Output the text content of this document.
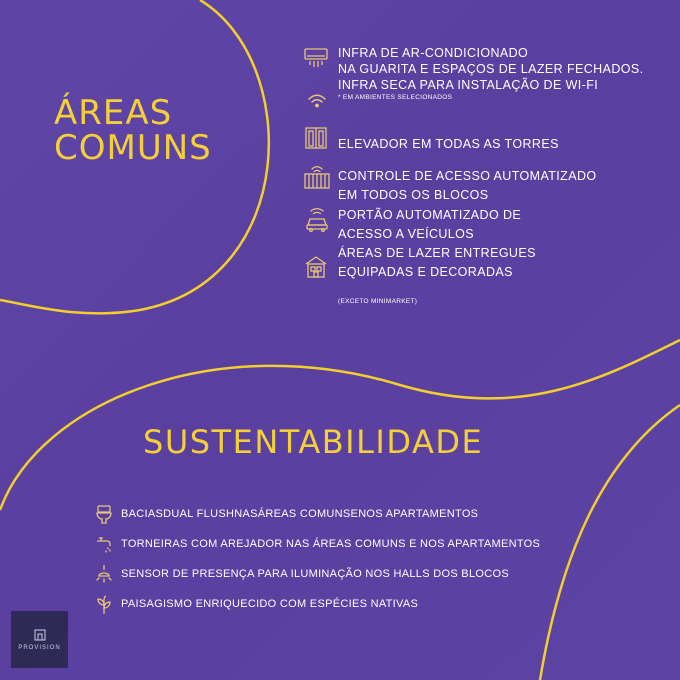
ÁREAS
COMUNS
INFRA DE AR-CONDICIONADO
NA GUARITA E ESPAÇOS DE LAZER FECHADOS.
INFRA SECA PARA INSTALAÇÃO DE WI-FI
* EM AMBIENTES SELECIONADOS
ELEVADOR EM TODAS AS TORRES
CONTROLE DE ACESSO AUTOMATIZADO
EM TODOS OS BLOCOS
PORTÃO AUTOMATIZADO DE
ACESSO A VEÍCULOS
ÁREAS DE LAZER ENTREGUES
EQUIPADAS E DECORADAS
(EXCETO MINIMARKET)
SUSTENTABILIDADE
BACIASDUAL FLUSHNASÁREAS COMUNSENOS APARTAMENTOS
TORNEIRAS COM AREJADOR NAS ÁREAS COMUNS E NOS APARTAMENTOS
SENSOR DE PRESENÇA PARA ILUMINAÇÃO NOS HALLS DOS BLOCOS
PAISAGISMO ENRIQUECIDO COM ESPÉCIES NATIVAS
PROVISION
